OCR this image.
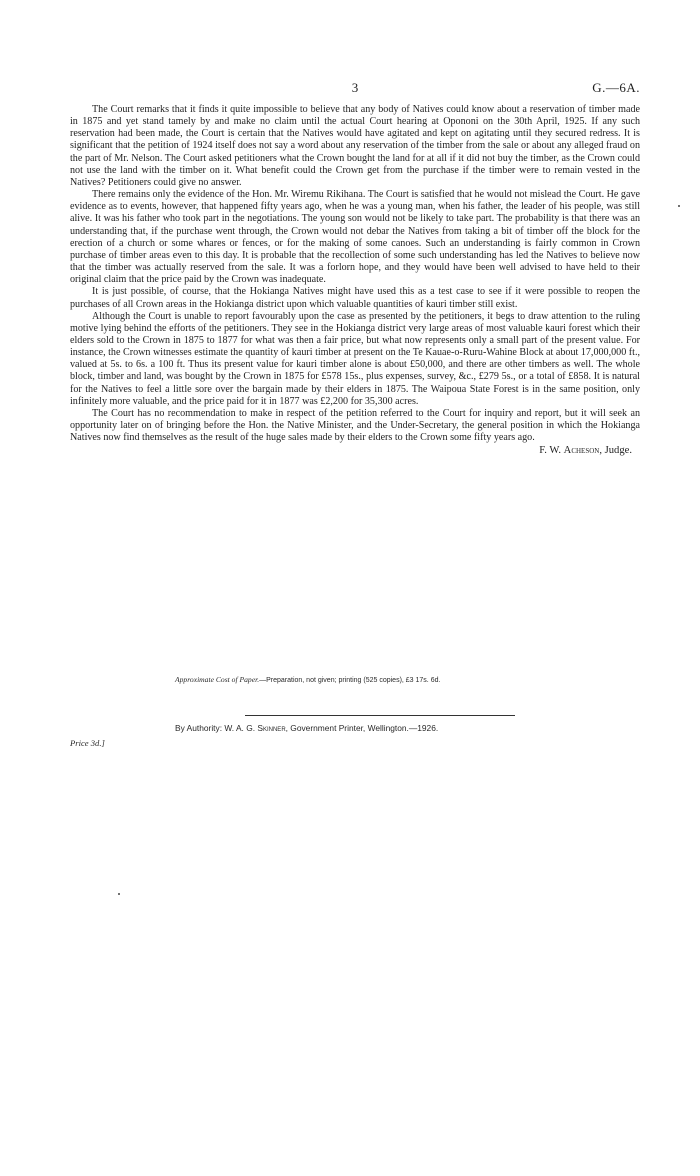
3	G.—6A.

The Court remarks that it finds it quite impossible to believe that any body of Natives could know about a reservation of timber made in 1875 and yet stand tamely by and make no claim until the actual Court hearing at Opononi on the 30th April, 1925. If any such reservation had been made, the Court is certain that the Natives would have agitated and kept on agitating until they secured redress. It is significant that the petition of 1924 itself does not say a word about any reservation of the timber from the sale or about any alleged fraud on the part of Mr. Nelson. The Court asked petitioners what the Crown bought the land for at all if it did not buy the timber, as the Crown could not use the land with the timber on it. What benefit could the Crown get from the purchase if the timber were to remain vested in the Natives? Petitioners could give no answer.

There remains only the evidence of the Hon. Mr. Wiremu Rikihana. The Court is satisfied that he would not mislead the Court. He gave evidence as to events, however, that happened fifty years ago, when he was a young man, when his father, the leader of his people, was still alive. It was his father who took part in the negotiations. The young son would not be likely to take part. The probability is that there was an understanding that, if the purchase went through, the Crown would not debar the Natives from taking a bit of timber off the block for the erection of a church or some whares or fences, or for the making of some canoes. Such an understanding is fairly common in Crown purchase of timber areas even to this day. It is probable that the recollection of some such understanding has led the Natives to believe now that the timber was actually reserved from the sale. It was a forlorn hope, and they would have been well advised to have held to their original claim that the price paid by the Crown was inadequate.

It is just possible, of course, that the Hokianga Natives might have used this as a test case to see if it were possible to reopen the purchases of all Crown areas in the Hokianga district upon which valuable quantities of kauri timber still exist.

Although the Court is unable to report favourably upon the case as presented by the petitioners, it begs to draw attention to the ruling motive lying behind the efforts of the petitioners. They see in the Hokianga district very large areas of most valuable kauri forest which their elders sold to the Crown in 1875 to 1877 for what was then a fair price, but what now represents only a small part of the present value. For instance, the Crown witnesses estimate the quantity of kauri timber at present on the Te Kauae-o-Ruru-Wahine Block at about 17,000,000 ft., valued at 5s. to 6s. a 100 ft. Thus its present value for kauri timber alone is about £50,000, and there are other timbers as well. The whole block, timber and land, was bought by the Crown in 1875 for £578 15s., plus expenses, survey, &c., £279 5s., or a total of £858. It is natural for the Natives to feel a little sore over the bargain made by their elders in 1875. The Waipoua State Forest is in the same position, only infinitely more valuable, and the price paid for it in 1877 was £2,200 for 35,300 acres.

The Court has no recommendation to make in respect of the petition referred to the Court for inquiry and report, but it will seek an opportunity later on of bringing before the Hon. the Native Minister, and the Under-Secretary, the general position in which the Hokianga Natives now find themselves as the result of the huge sales made by their elders to the Crown some fifty years ago.

F. W. Acheson, Judge.
Approximate Cost of Paper.—Preparation, not given; printing (525 copies), £3 17s. 6d.
By Authority: W. A. G. Skinner, Government Printer, Wellington.—1926.
Price 3d.]
